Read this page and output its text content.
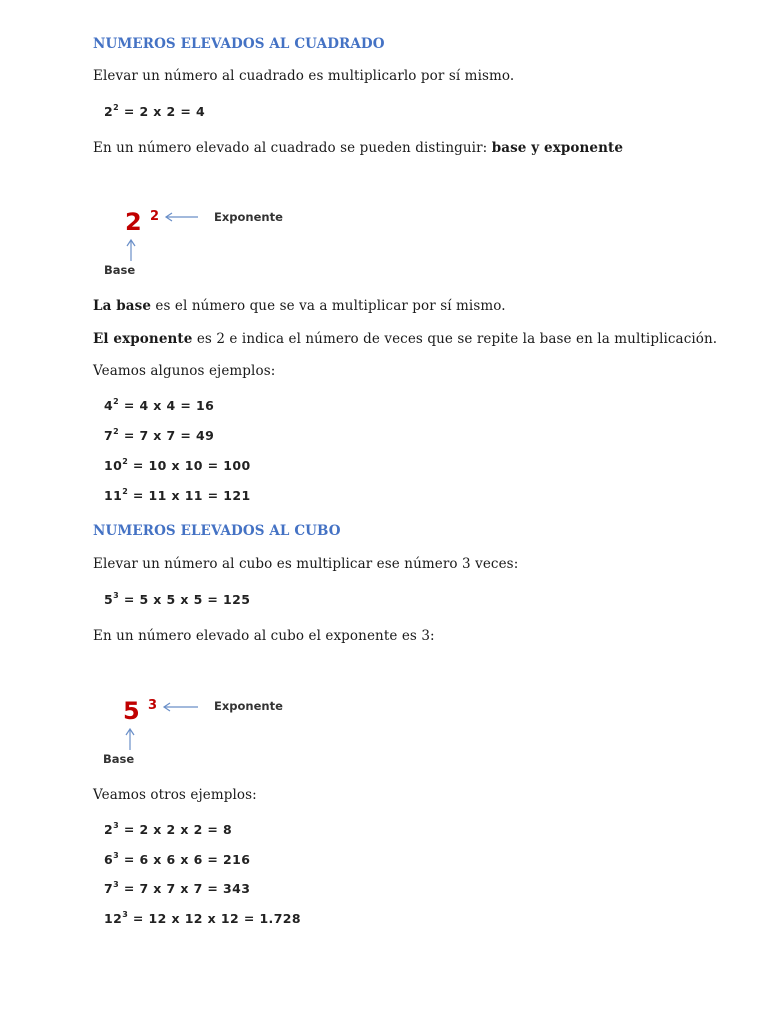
NUMEROS ELEVADOS AL CUADRADO
Elevar un número al cuadrado es multiplicarlo por sí mismo.
$2^2 = 2$ x 2 = 4
En un número elevado al cuadrado se pueden distinguir: base y exponente
2 2	Exponente
Base
La base es el número que se va a multiplicar por sí mismo.
El exponente es 2 e indica el número de veces que se repite la base en la multiplicación.
Veamos algunos ejemplos:
$4^2 = 4$ x 4 = 16
$7^2 = 7$ x 7 = 49
$10^2 = 10$ x 10 = 100
$11^2 = 11$ x 11 = 121
NUMEROS ELEVADOS AL CUBO
Elevar un número al cubo es multiplicar ese número 3 veces:
$5^3 = 5$ x 5 x 5 = 125
En un número elevado al cubo el exponente es 3:
5 3	Exponente
Base
Veamos otros ejemplos:
$2^3 = 2$ x 2 x 2 = 8
$6^3 = 6$ x 6 x 6 = 216
$7^3 = 7$ x 7 x 7 = 343
$12^3 = 12$ x 12 x 12 = 1.728
